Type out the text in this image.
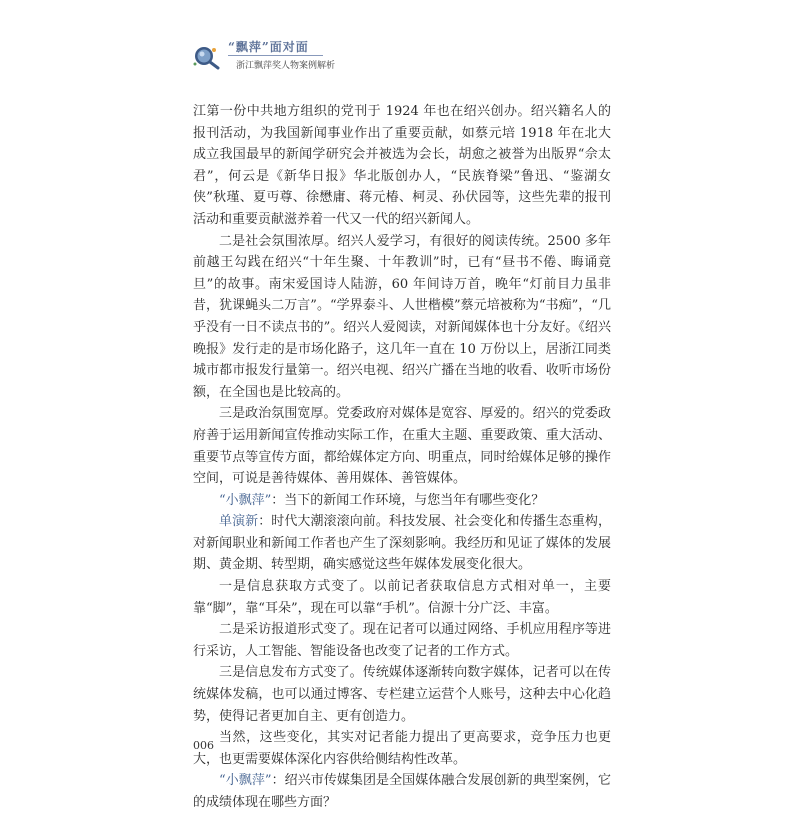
“飘萍”面对面
浙江飘萍奖人物案例解析

江第一份中共地方组织的党刊于 1924 年也在绍兴创办。绍兴籍名人的报刊活动，为我国新闻事业作出了重要贡献，如蔡元培 1918 年在北大成立我国最早的新闻学研究会并被选为会长，胡愈之被誉为出版界“佘太君”，何云是《新华日报》华北版创办人，“民族脊梁”鲁迅、“鉴湖女侠”秋瑾、夏丏尊、徐懋庸、蒋元椿、柯灵、孙伏园等，这些先辈的报刊活动和重要贡献滋养着一代又一代的绍兴新闻人。

二是社会氛围浓厚。绍兴人爱学习，有很好的阅读传统。2500 多年前越王勾践在绍兴“十年生聚、十年教训”时，已有“昼书不倦、晦诵竟旦”的故事。南宋爱国诗人陆游，60 年间诗万首，晚年“灯前目力虽非昔，犹课蝇头二万言”。“学界泰斗、人世楷模”蔡元培被称为“书痴”，“几乎没有一日不读点书的”。绍兴人爱阅读，对新闻媒体也十分友好。《绍兴晚报》发行走的是市场化路子，这几年一直在 10 万份以上，居浙江同类城市都市报发行量第一。绍兴电视、绍兴广播在当地的收看、收听市场份额，在全国也是比较高的。

三是政治氛围宽厚。党委政府对媒体是宽容、厚爱的。绍兴的党委政府善于运用新闻宣传推动实际工作，在重大主题、重要政策、重大活动、重要节点等宣传方面，都给媒体定方向、明重点，同时给媒体足够的操作空间，可说是善待媒体、善用媒体、善管媒体。

“小飘萍”：当下的新闻工作环境，与您当年有哪些变化？

单演新：时代大潮滚滚向前。科技发展、社会变化和传播生态重构，对新闻职业和新闻工作者也产生了深刻影响。我经历和见证了媒体的发展期、黄金期、转型期，确实感觉这些年媒体发展变化很大。

一是信息获取方式变了。以前记者获取信息方式相对单一，主要靠“脚”，靠“耳朵”，现在可以靠“手机”。信源十分广泛、丰富。

二是采访报道形式变了。现在记者可以通过网络、手机应用程序等进行采访，人工智能、智能设备也改变了记者的工作方式。

三是信息发布方式变了。传统媒体逐渐转向数字媒体，记者可以在传统媒体发稿，也可以通过博客、专栏建立运营个人账号，这种去中心化趋势，使得记者更加自主、更有创造力。

当然，这些变化，其实对记者能力提出了更高要求，竞争压力也更大，也更需要媒体深化内容供给侧结构性改革。

“小飘萍”：绍兴市传媒集团是全国媒体融合发展创新的典型案例，它的成绩体现在哪些方面？

006
